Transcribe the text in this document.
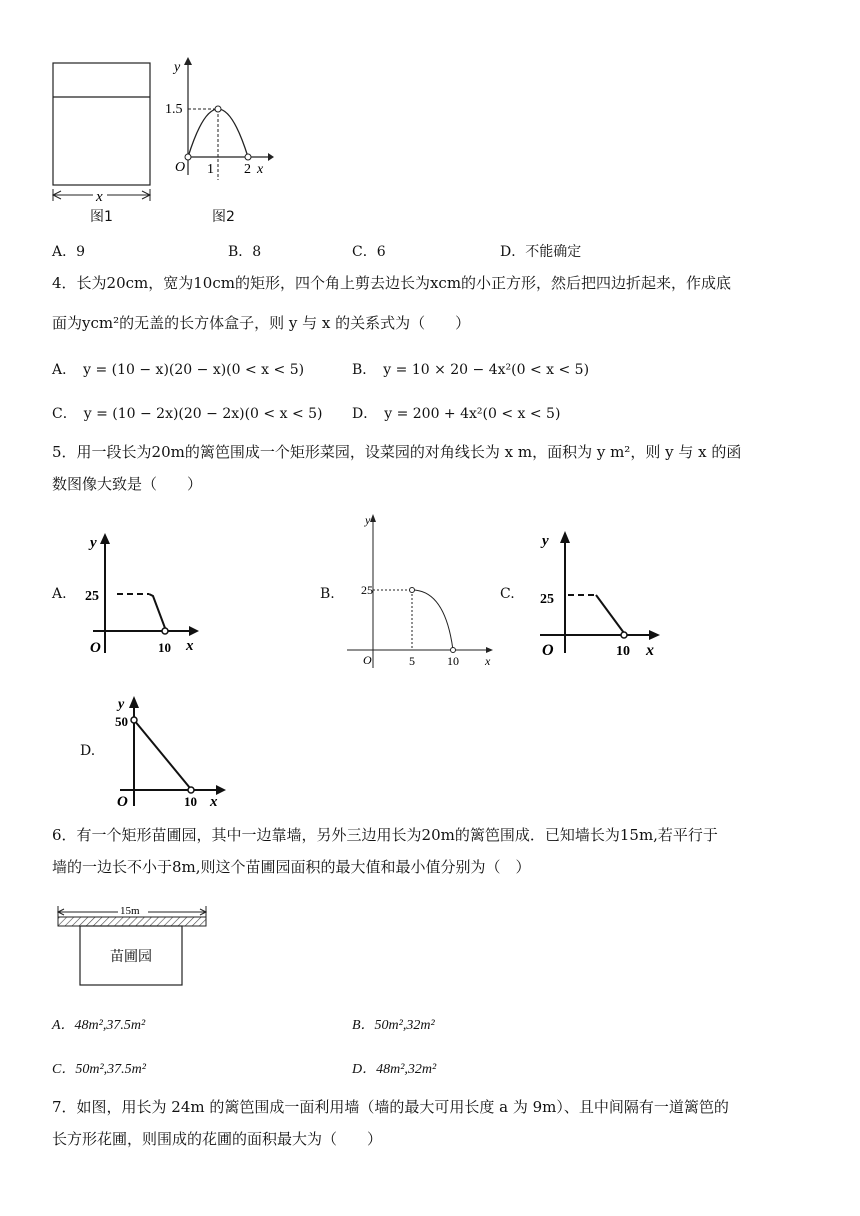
x
图1
y
1.5
O 1 2 x
图2
A．9	B．8	C．6	D．不能确定
4．长为20cm，宽为10cm的矩形，四个角上剪去边长为xcm的小正方形，然后把四边折起来，作成底
面为ycm²的无盖的长方体盒子，则 y 与 x 的关系式为（　　）
A．　y = (10 − x)(20 − x)(0 < x < 5)	B．　y = 10 × 20 − 4x²(0 < x < 5)
C．　y = (10 − 2x)(20 − 2x)(0 < x < 5) D．　y = 200 + 4x²(0 < x < 5)
5．用一段长为20m的篱笆围成一个矩形菜园，设菜园的对角线长为 x m，面积为 y m²，则 y 与 x 的函
数图像大致是（　　）
A.
y
25
O	10 x
B.
y
25
O	5	10 x
C.
y
25
O	10 x
D.
y
50
O	10 x
6．有一个矩形苗圃园，其中一边靠墙，另外三边用长为20m的篱笆围成．已知墙长为15m,若平行于
墙的一边长不小于8m,则这个苗圃园面积的最大值和最小值分别为（　）
15m
苗圃园
A．48m²,37.5m²	B．50m²,32m²
C．50m²,37.5m²	D．48m²,32m²
7．如图，用长为 24m 的篱笆围成一面利用墙（墙的最大可用长度 a 为 9m）、且中间隔有一道篱笆的
长方形花圃，则围成的花圃的面积最大为（　　）
